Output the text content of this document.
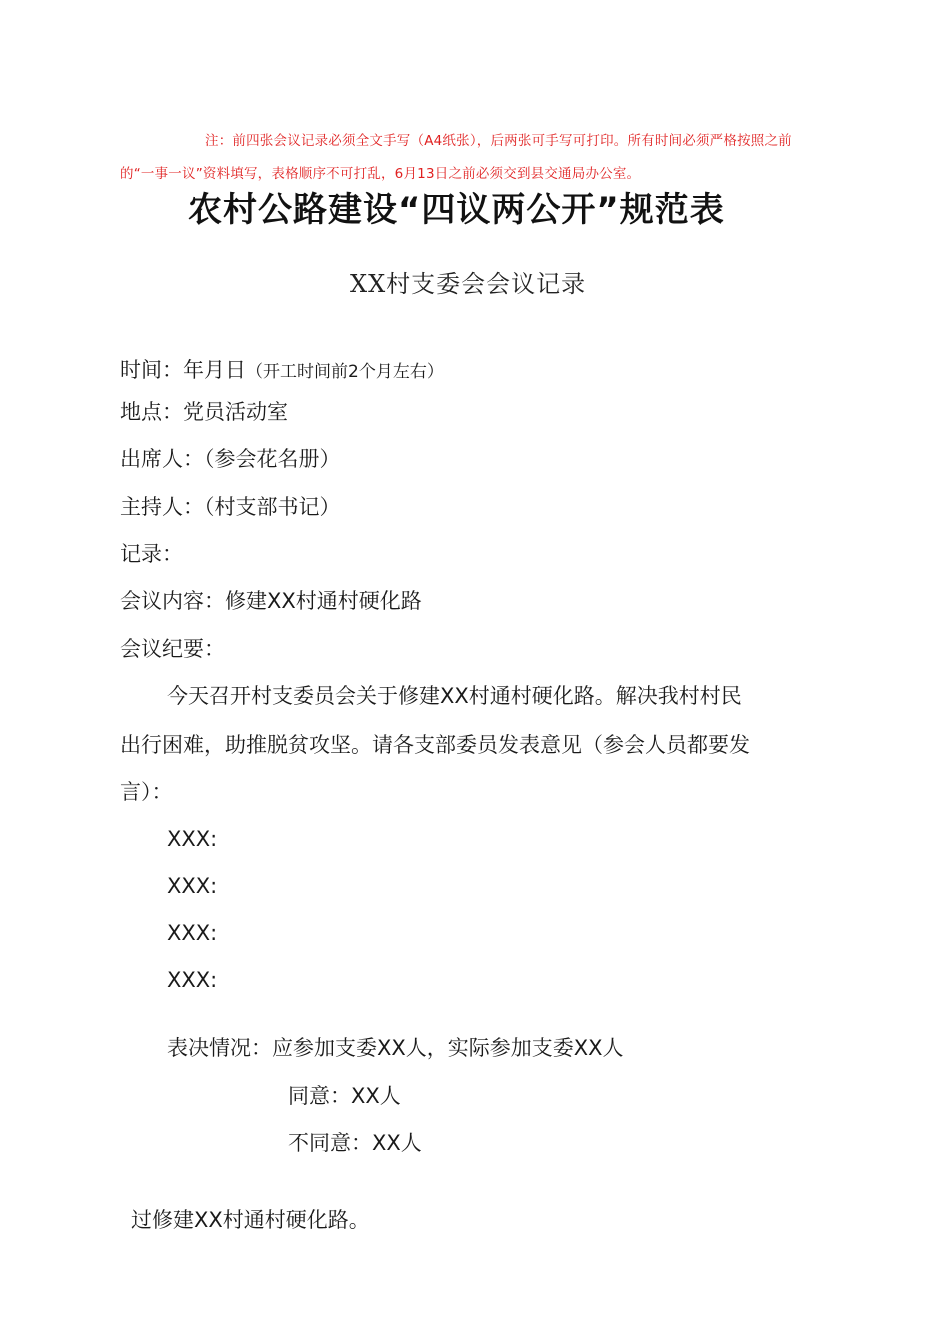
注：前四张会议记录必须全文手写（A4纸张），后两张可手写可打印。所有时间必须严格按照之前
的“一事一议”资料填写，表格顺序不可打乱，6月13日之前必须交到县交通局办公室。
农村公路建设“四议两公开”规范表
XX村支委会会议记录
时间：年月日（开工时间前2个月左右）
地点：党员活动室
出席人：（参会花名册）
主持人：（村支部书记）
记录：
会议内容：修建XX村通村硬化路
会议纪要：
今天召开村支委员会关于修建XX村通村硬化路。解决我村村民
出行困难，助推脱贫攻坚。请各支部委员发表意见（参会人员都要发
言）：
XXX:
XXX:
XXX:
XXX:
表决情况：应参加支委XX人，实际参加支委XX人
同意：XX人
不同意：XX人
过修建XX村通村硬化路。
